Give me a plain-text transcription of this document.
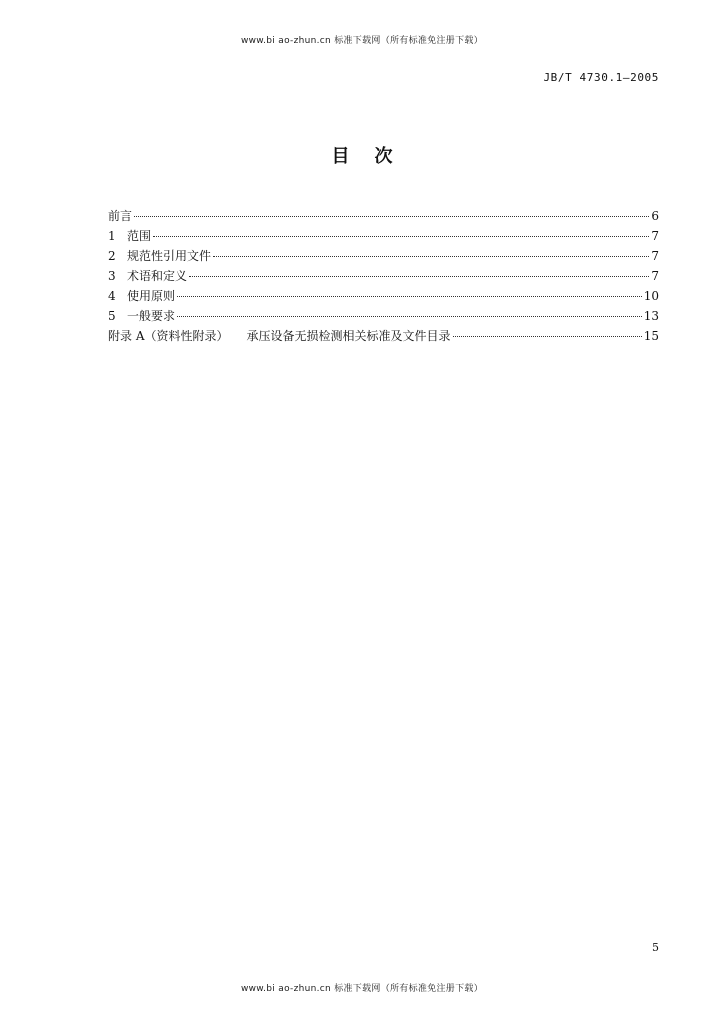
www.bi ao-zhun.cn 标准下载网（所有标准免注册下载）
JB/T 4730.1—2005
目    次
前言	6
1 范围	7
2 规范性引用文件	7
3 术语和定义	7
4 使用原则	10
5 一般要求	13
附录 A（资料性附录） 承压设备无损检测相关标准及文件目录	15
5
www.bi ao-zhun.cn 标准下载网（所有标准免注册下载）
